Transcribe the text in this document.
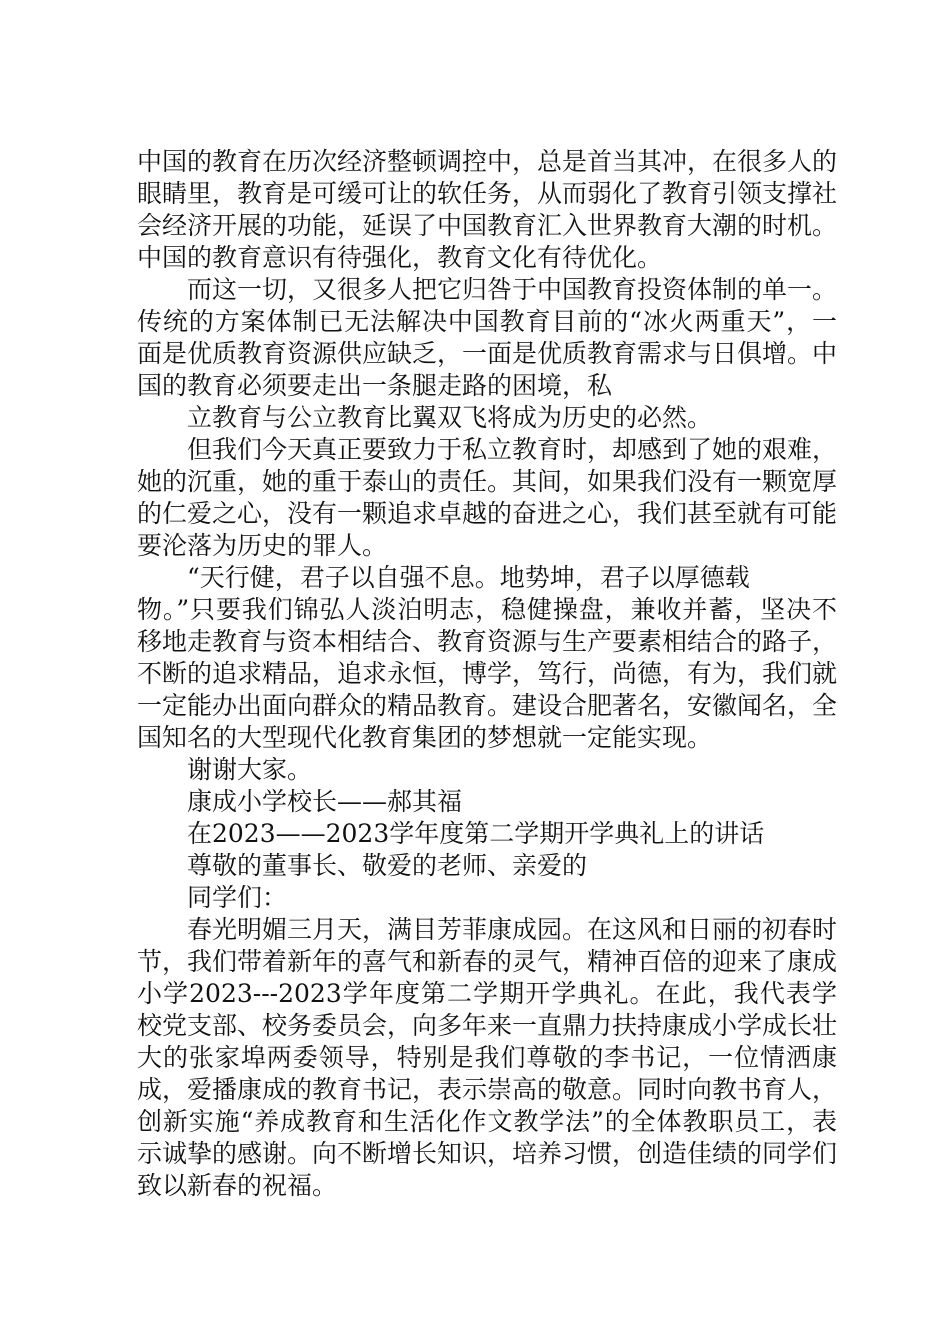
中国的教育在历次经济整顿调控中，总是首当其冲，在很多人的眼睛里，教育是可缓可让的软任务，从而弱化了教育引领支撑社会经济开展的功能，延误了中国教育汇入世界教育大潮的时机。中国的教育意识有待强化，教育文化有待优化。

而这一切，又很多人把它归咎于中国教育投资体制的单一。传统的方案体制已无法解决中国教育目前的“冰火两重天”，一面是优质教育资源供应缺乏，一面是优质教育需求与日俱增。中国的教育必须要走出一条腿走路的困境，私

立教育与公立教育比翼双飞将成为历史的必然。

但我们今天真正要致力于私立教育时，却感到了她的艰难，她的沉重，她的重于泰山的责任。其间，如果我们没有一颗宽厚的仁爱之心，没有一颗追求卓越的奋进之心，我们甚至就有可能要沦落为历史的罪人。

“天行健，君子以自强不息。地势坤，君子以厚德载

物。”只要我们锦弘人淡泊明志，稳健操盘，兼收并蓄，坚决不移地走教育与资本相结合、教育资源与生产要素相结合的路子，不断的追求精品，追求永恒，博学，笃行，尚德，有为，我们就一定能办出面向群众的精品教育。建设合肥著名，安徽闻名，全国知名的大型现代化教育集团的梦想就一定能实现。

谢谢大家。

康成小学校长——郝其福

在2023——2023学年度第二学期开学典礼上的讲话

尊敬的董事长、敬爱的老师、亲爱的

同学们：

春光明媚三月天，满目芳菲康成园。在这风和日丽的初春时节，我们带着新年的喜气和新春的灵气，精神百倍的迎来了康成小学2023---2023学年度第二学期开学典礼。在此，我代表学校党支部、校务委员会，向多年来一直鼎力扶持康成小学成长壮大的张家埠两委领导，特别是我们尊敬的李书记，一位情洒康成，爱播康成的教育书记，表示崇高的敬意。同时向教书育人，创新实施“养成教育和生活化作文教学法”的全体教职员工，表示诚挚的感谢。向不断增长知识，培养习惯，创造佳绩的同学们致以新春的祝福。
